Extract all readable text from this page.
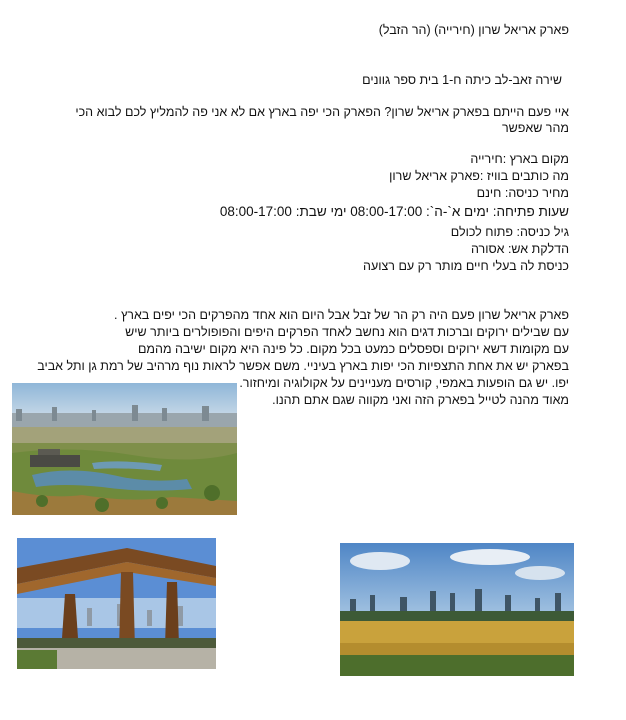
פארק אריאל שרון (חירייה) (הר הזבל)
שירה זאב-לב כיתה ח-1 בית ספר גוונים
איי פעם הייתם בפארק אריאל שרון? הפארק הכי יפה בארץ אם לא אני פה להמליץ לכם לבוא הכי מהר שאפשר
מקום בארץ :חירייה
מה כותבים בוויז :פארק אריאל שרון
מחיר כניסה: חינם
שעות פתיחה: ימים א`-ה`: 08:00-17:00 ימי שבת: 08:00-17:00
גיל כניסה: פתוח לכולם
הדלקת אש: אסורה
כניסת לה בעלי חיים מותר רק עם רצועה
פארק אריאל שרון פעם היה רק הר של זבל אבל היום הוא אחד מהפרקים הכי יפים בארץ .
עם שבילים ירוקים וברכות דגים הוא נחשב לאחד הפרקים היפים והפופולרים ביותר שיש
עם מקומות דשא ירוקים וספסלים כמעט בכל מקום. כל פינה היא מקום ישיבה מהמם
בפארק יש את אחת התצפיות הכי יפות בארץ בעיניי. משם אפשר לראות נוף מרהיב של רמת גן ותל אביב
יפו. יש גם הופעות באמפי, קורסים מעניינים על אקולוגיה ומיחזור.
מאוד מהנה לטייל בפארק הזה ואני מקווה שגם אתם תהנו.
